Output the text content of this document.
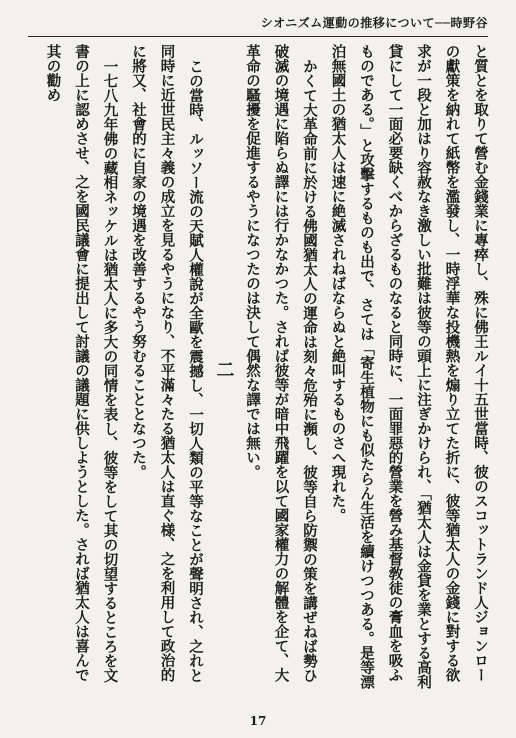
シオニズム運動の推移について──時野谷

と質とを取りて營む金錢業に專瘁し、殊に佛王ルイ十五世當時、彼のスコットランド人ジョンローの獻策を納れて紙幣を濫發し、一時浮華な投機熱を煽り立てた折に、彼等猶太人の金錢に對する欲求が一段と加はり容赦なき激しい批難は彼等の頭上に注ぎかけられ、「猶太人は金貸を業とする高利貸にして一面必要缺くべからざるものなると同時に、一面罪惡的營業を營み基督敎徒の膏血を吸ふものである。」と攻擊するものも出で、さては「寄生植物にも似たらん生活を續けつつある。是等漂泊無國土の猶太人は速に絶滅されねばならぬと絶叫するものさへ現れた。

かくて大革命前に於ける佛國猶太人の運命は刻々危殆に瀕し、彼等自ら防禦の策を講ぜねば勢ひ破滅の境遇に陷らぬ譯には行かなかつた。されば彼等が暗中飛躍を以て國家權力の解體を企て、大革命の騷擾を促進するやうになつたのは決して偶然な譯では無い。

二

この當時、ルッソー流の天賦人權說が全歐を震撼し、一切人類の平等なことが聲明され、之れと同時に近世民主々義の成立を見るやうになり、不平滿々たる猶太人は直ぐ様、之を利用して政治的に將又、社會的に自家の境遇を改善するやう努むることとなつた。

一七八九年佛の藏相ネッケルは猶太人に多大の同情を表し、彼等をして其の切望するところを文書の上に認めさせ、之を國民議會に提出して討議の議題に供しようとした。されば猶太人は喜んで其の勸め

17
